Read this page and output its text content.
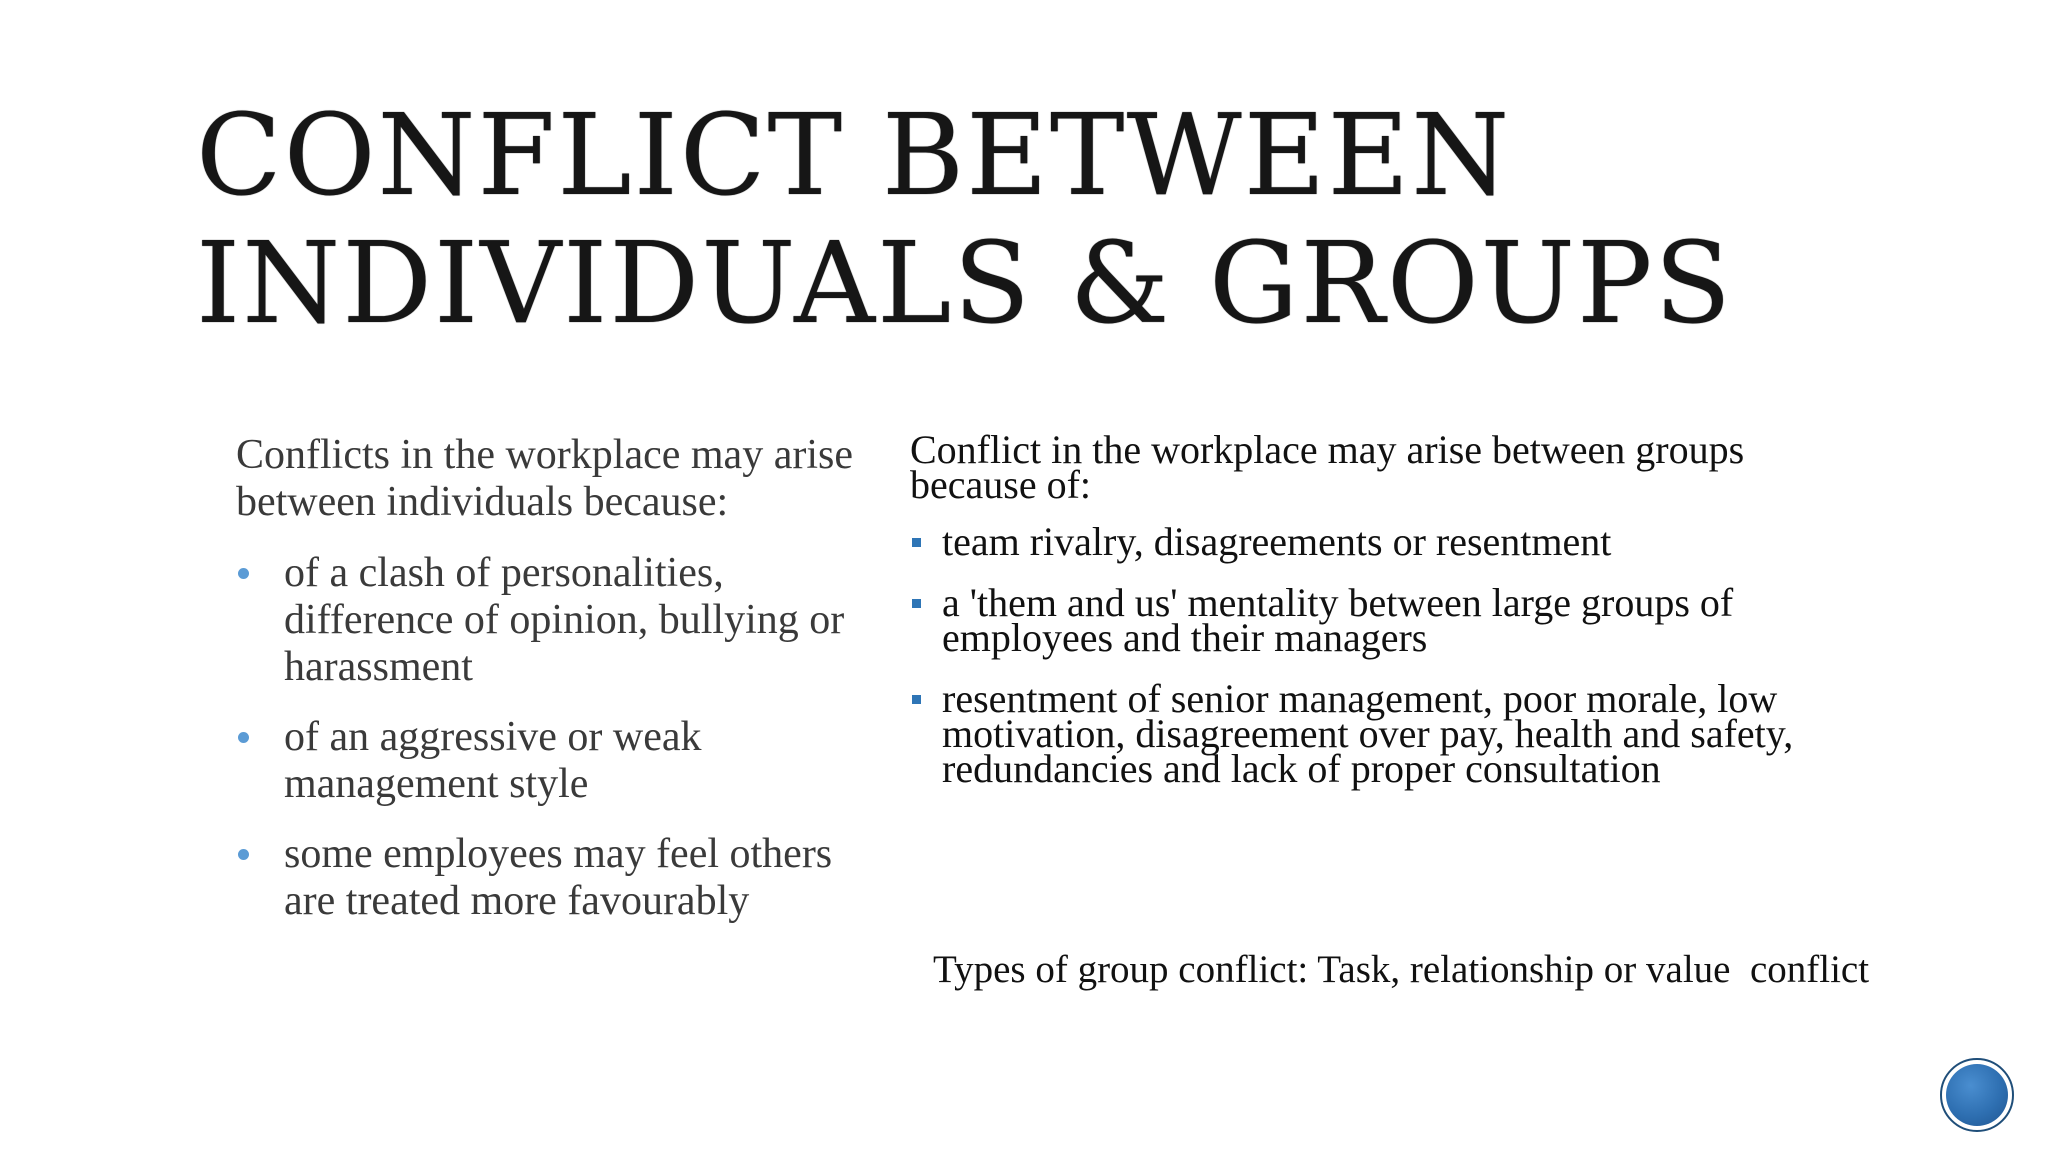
CONFLICT BETWEEN
INDIVIDUALS & GROUPS

Conflicts in the workplace may arise between individuals because:

of a clash of personalities, difference of opinion, bullying or harassment
of an aggressive or weak management style
some employees may feel others are treated more favourably

Conflict in the workplace may arise between groups because of:

team rivalry, disagreements or resentment
a 'them and us' mentality between large groups of employees and their managers
resentment of senior management, poor morale, low motivation, disagreement over pay, health and safety, redundancies and lack of proper consultation

Types of group conflict: Task, relationship or value  conflict
